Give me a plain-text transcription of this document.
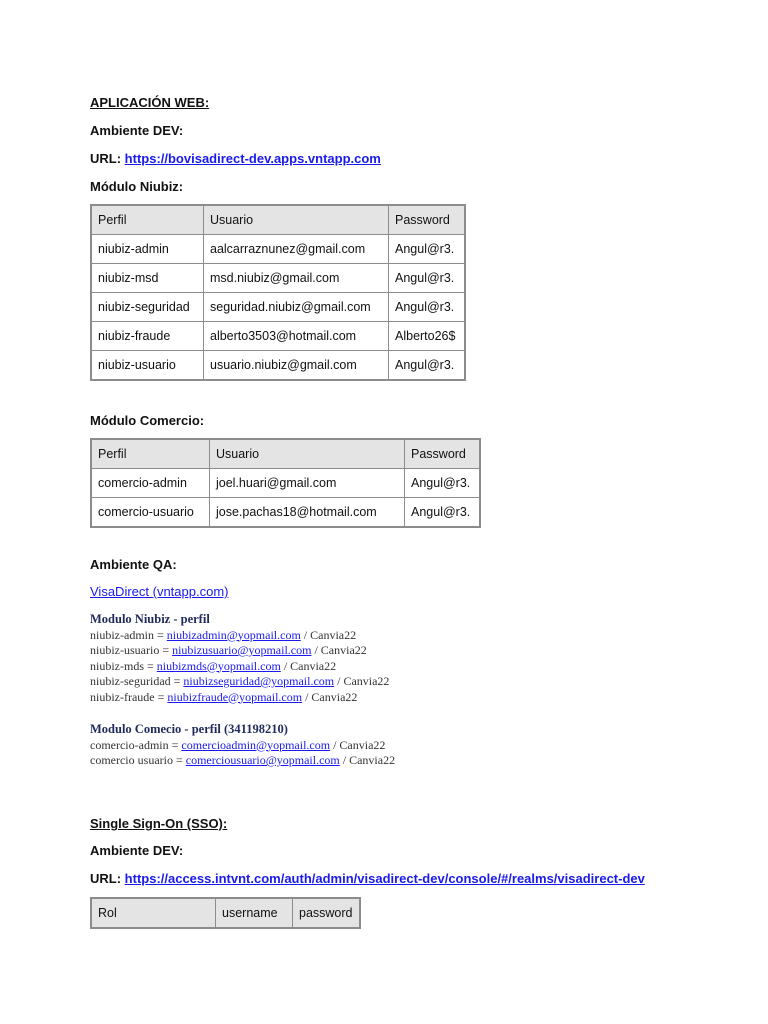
APLICACIÓN WEB:
Ambiente DEV:
URL: https://bovisadirect-dev.apps.vntapp.com
Módulo Niubiz:
Perfil	Usuario	Password
niubiz-admin	aalcarraznunez@gmail.com	Angul@r3.
niubiz-msd	msd.niubiz@gmail.com	Angul@r3.
niubiz-seguridad	seguridad.niubiz@gmail.com	Angul@r3.
niubiz-fraude	alberto3503@hotmail.com	Alberto26$
niubiz-usuario	usuario.niubiz@gmail.com	Angul@r3.
Módulo Comercio:
Perfil	Usuario	Password
comercio-admin	joel.huari@gmail.com	Angul@r3.
comercio-usuario	jose.pachas18@hotmail.com	Angul@r3.
Ambiente QA:
VisaDirect (vntapp.com)
Modulo Niubiz - perfil
niubiz-admin = niubizadmin@yopmail.com / Canvia22
niubiz-usuario = niubizusuario@yopmail.com / Canvia22
niubiz-mds = niubizmds@yopmail.com / Canvia22
niubiz-seguridad = niubizseguridad@yopmail.com / Canvia22
niubiz-fraude = niubizfraude@yopmail.com / Canvia22
Modulo Comecio - perfil (341198210)
comercio-admin = comercioadmin@yopmail.com / Canvia22
comercio usuario = comerciousuario@yopmail.com / Canvia22
Single Sign-On (SSO):
Ambiente DEV:
URL: https://access.intvnt.com/auth/admin/visadirect-dev/console/#/realms/visadirect-dev
Rol	username	password
